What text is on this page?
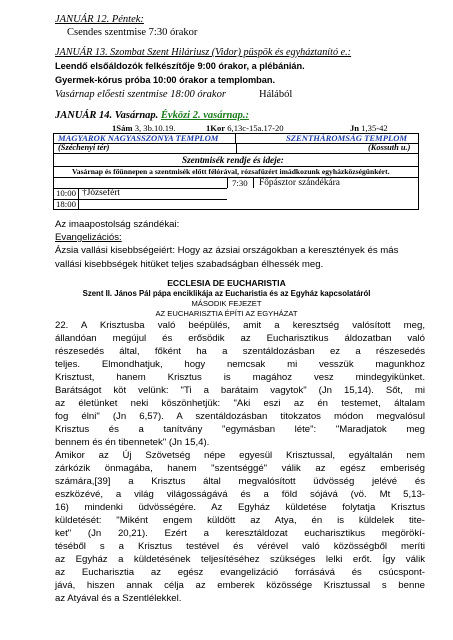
JANUÁR 12. Péntek:
Csendes szentmise 7:30 órakor
JANUÁR 13. Szombat Szent Hiláriusz (Vidor) püspök és egyháztanító e.:
Leendő elsőáldozók felkészítője 9:00 órakor, a plébánián.
Gyermek-kórus próba 10:00 órakor a templomban.
Vasárnap előesti szentmise 18:00 órakor	Hálából
JANUÁR 14. Vasárnap. Évközi 2. vasárnap.:
1Sám 3, 3b.10.19.	1Kor 6,13c-15a.17-20	Jn 1,35-42
MAGYAROK NAGYASSZONYA TEMPLOM	SZENTHÁROMSÁG TEMPLOM
(Széchenyi tér)	(Kossuth u.)
Szentmisék rendje és ideje:
Vasárnap és főünnepen a szentmisék előtt félórával, rózsafüzért imádkozunk egyházközségünkért.
7:30 Főpásztor szándékára
10:00 †Józsefért
18:00
Az imaapostolság szándékai:
Evangelizációs:
Ázsia vallási kisebbségeiért: Hogy az ázsiai országokban a keresztények és más
vallási kisebbségek hitüket teljes szabadságban élhessék meg.
ECCLESIA DE EUCHARISTIA
Szent II. János Pál pápa enciklikája az Eucharistia és az Egyház kapcsolatáról
MÁSODIK FEJEZET
AZ EUCHARISZTIA ÉPÍTI AZ EGYHÁZAT
22. A Krisztusba való beépülés, amit a keresztség valósított meg,
állandóan megújul és erősödik az Eucharisztikus áldozatban való
részesedés által, főként ha a szentáldozásban ez a részesedés
teljes. Elmondhatjuk, hogy nemcsak mi vesszük magunkhoz
Krisztust, hanem Krisztus is magához vesz mindegyikünket.
Barátságot köt velünk: "Ti a barátaim vagytok" (Jn 15,14). Sőt, mi
az életünket neki köszönhetjük: "Aki eszi az én testemet, általam
fog élni" (Jn 6,57). A szentáldozásban titokzatos módon megvalósul
Krisztus és a tanítvány "egymásban léte": "Maradjatok meg
bennem és én tibennetek" (Jn 15,4).
Amikor az Új Szövetség népe egyesül Krisztussal, egyáltalán nem
zárkózik önmagába, hanem "szentséggé" válik az egész emberiség
számára,[39] a Krisztus által megvalósított üdvösség jelévé és
eszközévé, a világ világosságává és a föld sójává (vö. Mt 5,13-
16) mindenki üdvösségére. Az Egyház küldetése folytatja Krisztus
küldetését: "Miként engem küldött az Atya, én is küldelek tite-
ket" (Jn 20,21). Ezért a keresztáldozat eucharisztikus megörökí-
téséből s a Krisztus testével és vérével való közösségből meríti
az Egyház a küldetésének teljesítéséhez szükséges lelki erőt. Így válik
az Eucharisztia az egész evangelizáció forrásává és csúcspont-
jává, hiszen annak célja az emberek közössége Krisztussal s benne
az Atyával és a Szentlélekkel.
